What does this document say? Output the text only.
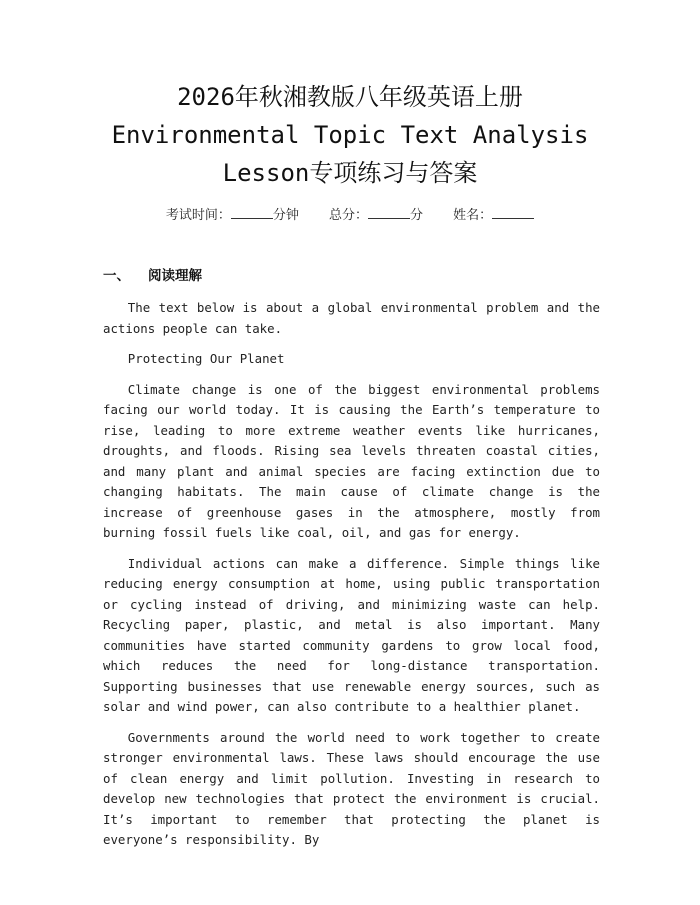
2026年秋湘教版八年级英语上册
Environmental Topic Text Analysis
Lesson专项练习与答案
考试时间：	分钟 总分：	分 姓名：
一、 阅读理解

The text below is about a global environmental problem and the actions people can take.

Protecting Our Planet

Climate change is one of the biggest environmental problems facing our world today. It is causing the Earth’s temperature to rise, leading to more extreme weather events like hurricanes, droughts, and floods. Rising sea levels threaten coastal cities, and many plant and animal species are facing extinction due to changing habitats. The main cause of climate change is the increase of greenhouse gases in the atmosphere, mostly from burning fossil fuels like coal, oil, and gas for energy.

Individual actions can make a difference. Simple things like reducing energy consumption at home, using public transportation or cycling instead of driving, and minimizing waste can help. Recycling paper, plastic, and metal is also important. Many communities have started community gardens to grow local food, which reduces the need for long-distance transportation. Supporting businesses that use renewable energy sources, such as solar and wind power, can also contribute to a healthier planet.

Governments around the world need to work together to create stronger environmental laws. These laws should encourage the use of clean energy and limit pollution. Investing in research to develop new technologies that protect the environment is crucial. It’s important to remember that protecting the planet is everyone’s responsibility. By
